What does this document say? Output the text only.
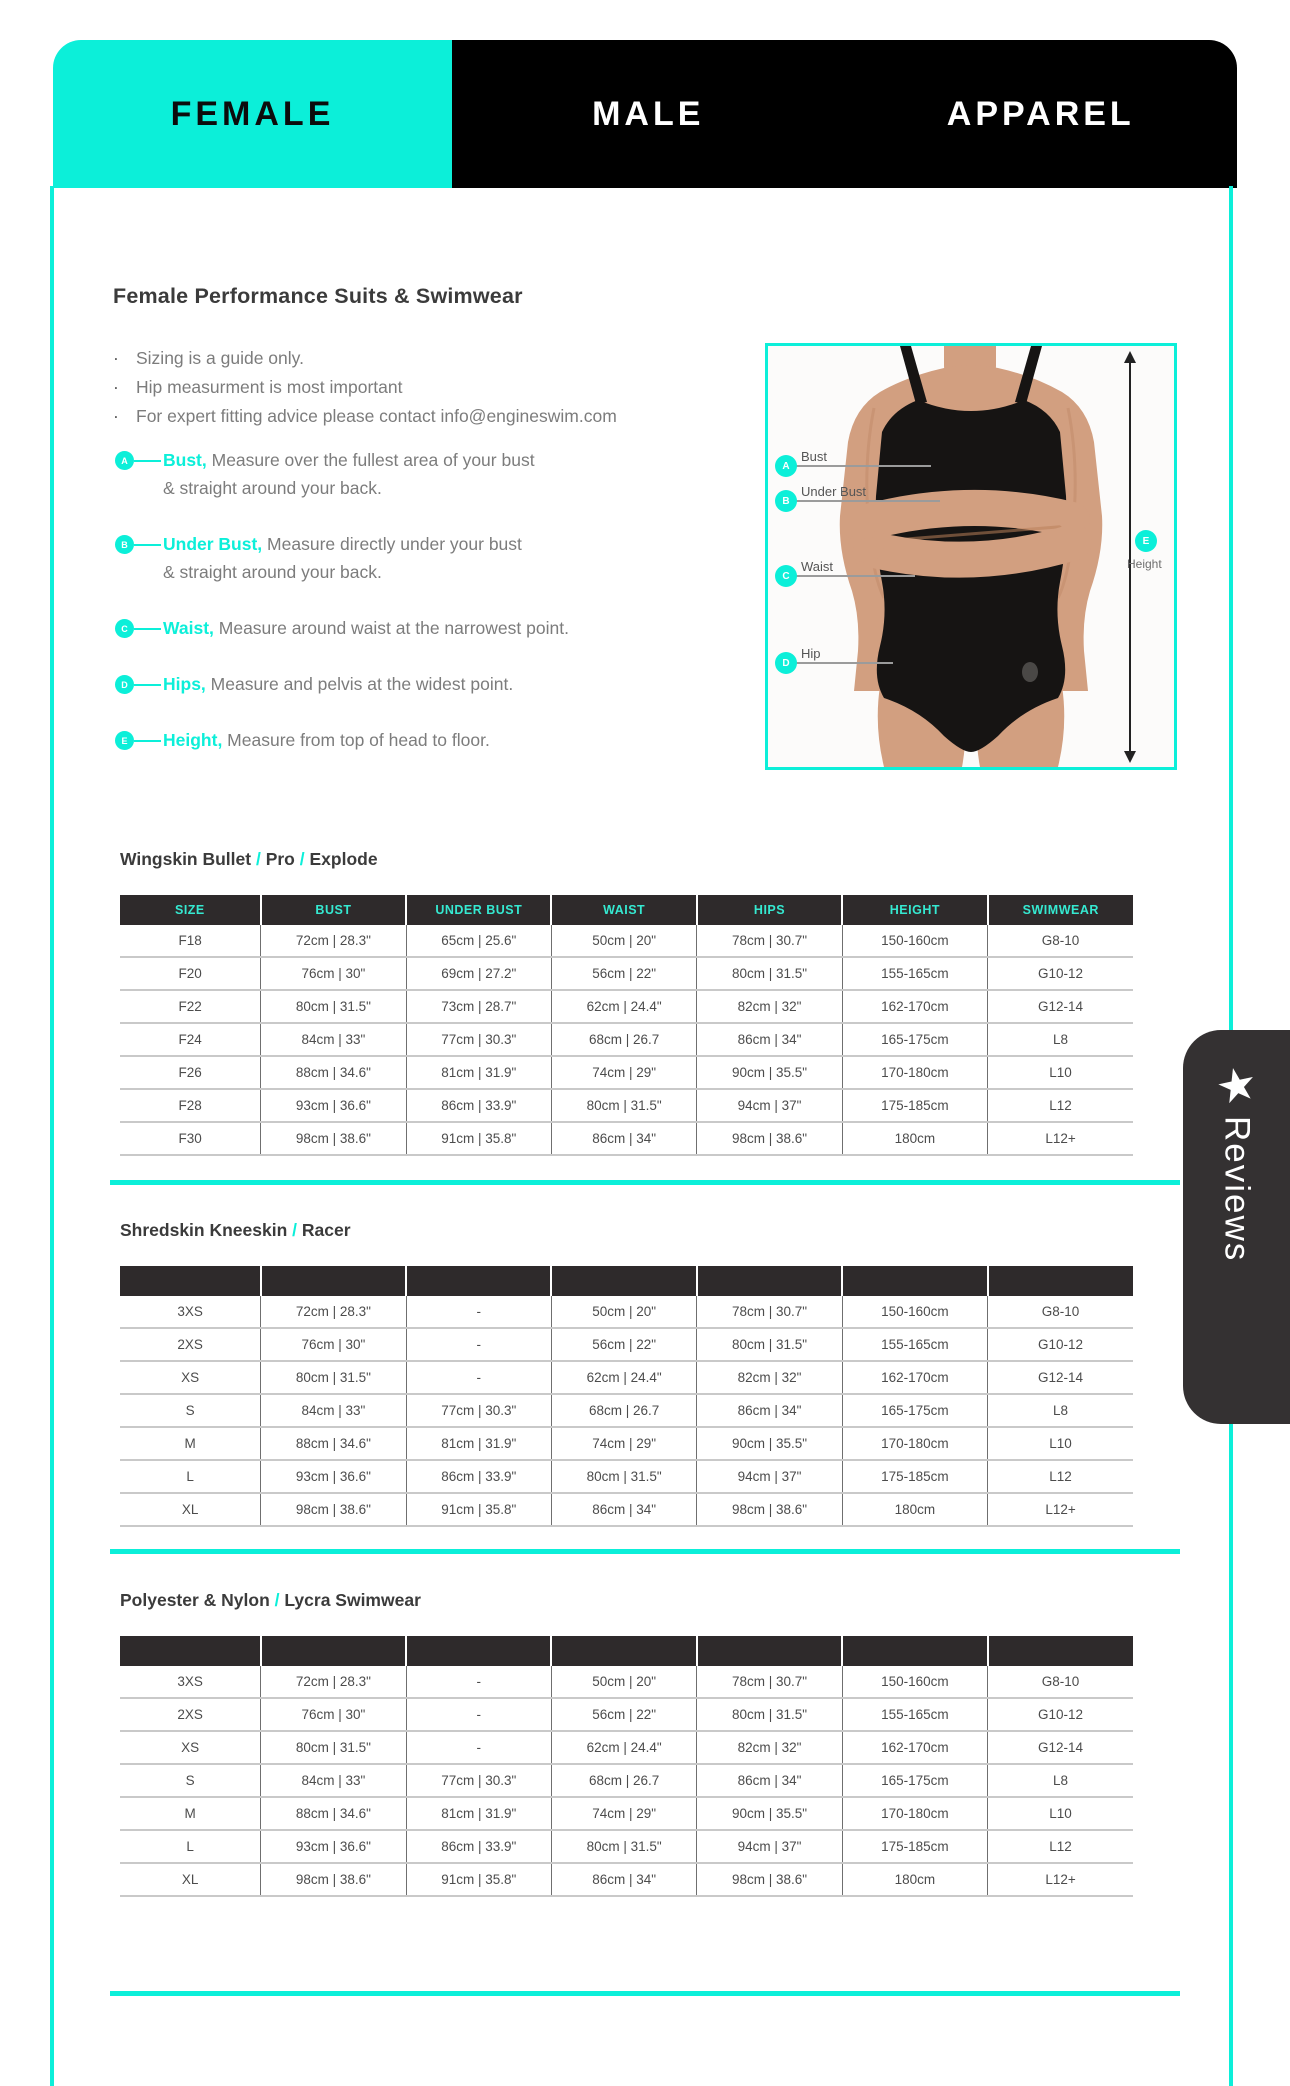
FEMALE	MALE	APPAREL
Female Performance Suits & Swimwear
· Sizing is a guide only.
· Hip measurment is most important
· For expert fitting advice please contact info@engineswim.com
A	Bust, Measure over the fullest area of your bust
& straight around your back.
B	Under Bust, Measure directly under your bust
& straight around your back.
C	Waist, Measure around waist at the narrowest point.
D	Hips, Measure and pelvis at the widest point.
E	Height, Measure from top of head to floor.
A
Bust
B
Under Bust
C
Waist
D
Hip
E
Height
Wingskin Bullet / Pro / Explode
SIZE	BUST	UNDER BUST	WAIST	HIPS	HEIGHT	SWIMWEAR
F18	72cm | 28.3"	65cm | 25.6"	50cm | 20"	78cm | 30.7"	150-160cm	G8-10
F20	76cm | 30"	69cm | 27.2"	56cm | 22"	80cm | 31.5"	155-165cm	G10-12
F22	80cm | 31.5"	73cm | 28.7"	62cm | 24.4"	82cm | 32"	162-170cm	G12-14
F24	84cm | 33"	77cm | 30.3"	68cm | 26.7	86cm | 34"	165-175cm	L8
F26	88cm | 34.6"	81cm | 31.9"	74cm | 29"	90cm | 35.5"	170-180cm	L10
F28	93cm | 36.6"	86cm | 33.9"	80cm | 31.5"	94cm | 37"	175-185cm	L12
F30	98cm | 38.6"	91cm | 35.8"	86cm | 34"	98cm | 38.6"	180cm	L12+
Shredskin Kneeskin / Racer

3XS	72cm | 28.3"	-	50cm | 20"	78cm | 30.7"	150-160cm	G8-10
2XS	76cm | 30"	-	56cm | 22"	80cm | 31.5"	155-165cm	G10-12
XS	80cm | 31.5"	-	62cm | 24.4"	82cm | 32"	162-170cm	G12-14
S	84cm | 33"	77cm | 30.3"	68cm | 26.7	86cm | 34"	165-175cm	L8
M	88cm | 34.6"	81cm | 31.9"	74cm | 29"	90cm | 35.5"	170-180cm	L10
L	93cm | 36.6"	86cm | 33.9"	80cm | 31.5"	94cm | 37"	175-185cm	L12
XL	98cm | 38.6"	91cm | 35.8"	86cm | 34"	98cm | 38.6"	180cm	L12+
Polyester & Nylon / Lycra Swimwear

3XS	72cm | 28.3"	-	50cm | 20"	78cm | 30.7"	150-160cm	G8-10
2XS	76cm | 30"	-	56cm | 22"	80cm | 31.5"	155-165cm	G10-12
XS	80cm | 31.5"	-	62cm | 24.4"	82cm | 32"	162-170cm	G12-14
S	84cm | 33"	77cm | 30.3"	68cm | 26.7	86cm | 34"	165-175cm	L8
M	88cm | 34.6"	81cm | 31.9"	74cm | 29"	90cm | 35.5"	170-180cm	L10
L	93cm | 36.6"	86cm | 33.9"	80cm | 31.5"	94cm | 37"	175-185cm	L12
XL	98cm | 38.6"	91cm | 35.8"	86cm | 34"	98cm | 38.6"	180cm	L12+
★
Reviews
